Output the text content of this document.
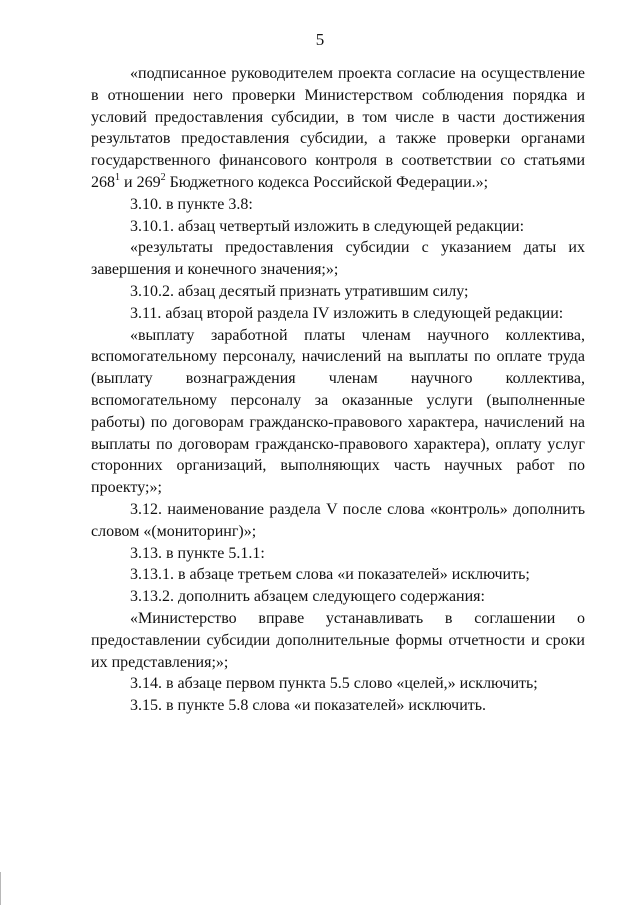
5

«подписанное руководителем проекта согласие на осуществление в отношении него проверки Министерством соблюдения порядка и условий предоставления субсидии, в том числе в части достижения результатов предоставления субсидии, а также проверки органами государственного финансового контроля в соответствии со статьями $268^1$ и $269^2$ Бюджетного кодекса Российской Федерации.»;

3.10. в пункте 3.8:

3.10.1. абзац четвертый изложить в следующей редакции:

«результаты предоставления субсидии с указанием даты их завершения и конечного значения;»;

3.10.2. абзац десятый признать утратившим силу;

3.11. абзац второй раздела IV изложить в следующей редакции:

«выплату заработной платы членам научного коллектива, вспомогательному персоналу, начислений на выплаты по оплате труда (выплату вознаграждения членам научного коллектива, вспомогательному персоналу за оказанные услуги (выполненные работы) по договорам гражданско-правового характера, начислений на выплаты по договорам гражданско-правового характера), оплату услуг сторонних организаций, выполняющих часть научных работ по проекту;»;

3.12. наименование раздела V после слова «контроль» дополнить словом «(мониторинг)»;

3.13. в пункте 5.1.1:

3.13.1. в абзаце третьем слова «и показателей» исключить;

3.13.2. дополнить абзацем следующего содержания:

«Министерство вправе устанавливать в соглашении о предоставлении субсидии дополнительные формы отчетности и сроки их представления;»;

3.14. в абзаце первом пункта 5.5 слово «целей,» исключить;

3.15. в пункте 5.8 слова «и показателей» исключить.
